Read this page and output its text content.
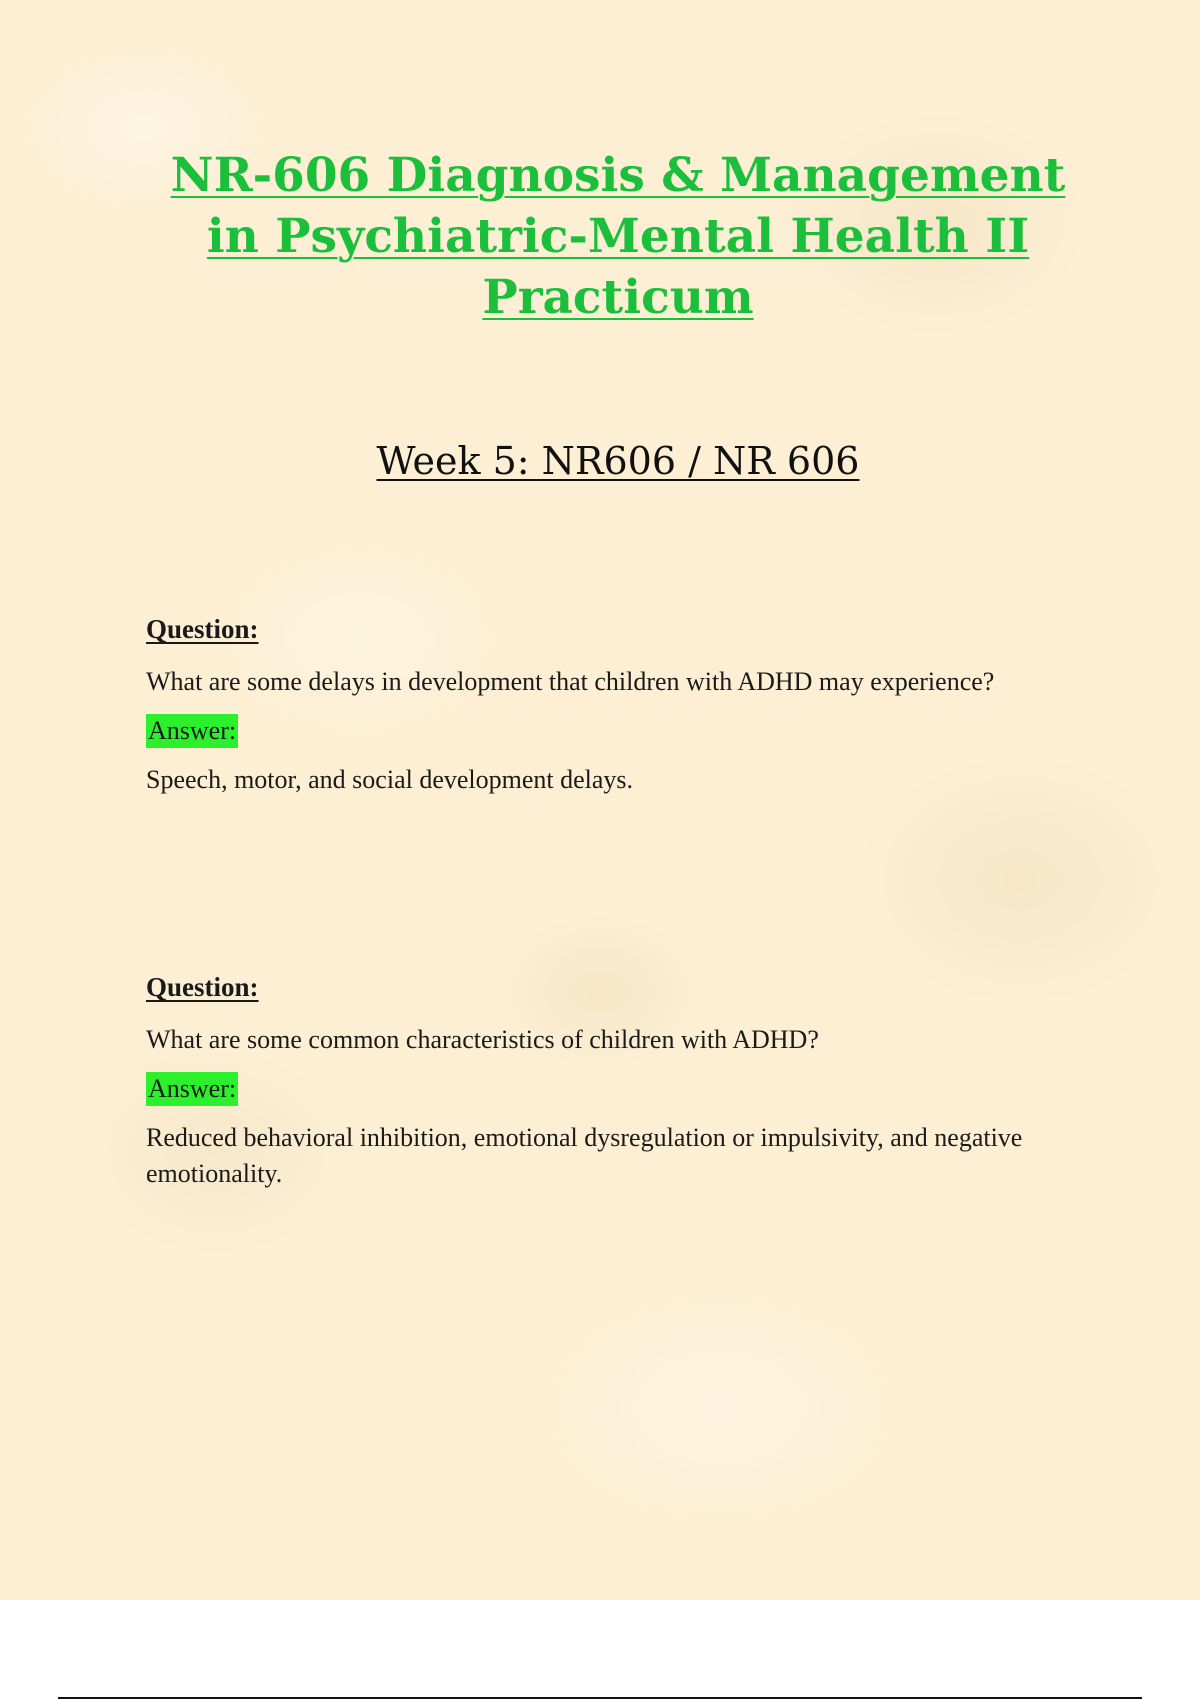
NR-606 Diagnosis & Management
in Psychiatric-Mental Health II
Practicum
Week 5: NR606 / NR 606

Question:

What are some delays in development that children with ADHD may experience?

Answer:

Speech, motor, and social development delays.

Question:

What are some common characteristics of children with ADHD?

Answer:

Reduced behavioral inhibition, emotional dysregulation or impulsivity, and negative emotionality.
